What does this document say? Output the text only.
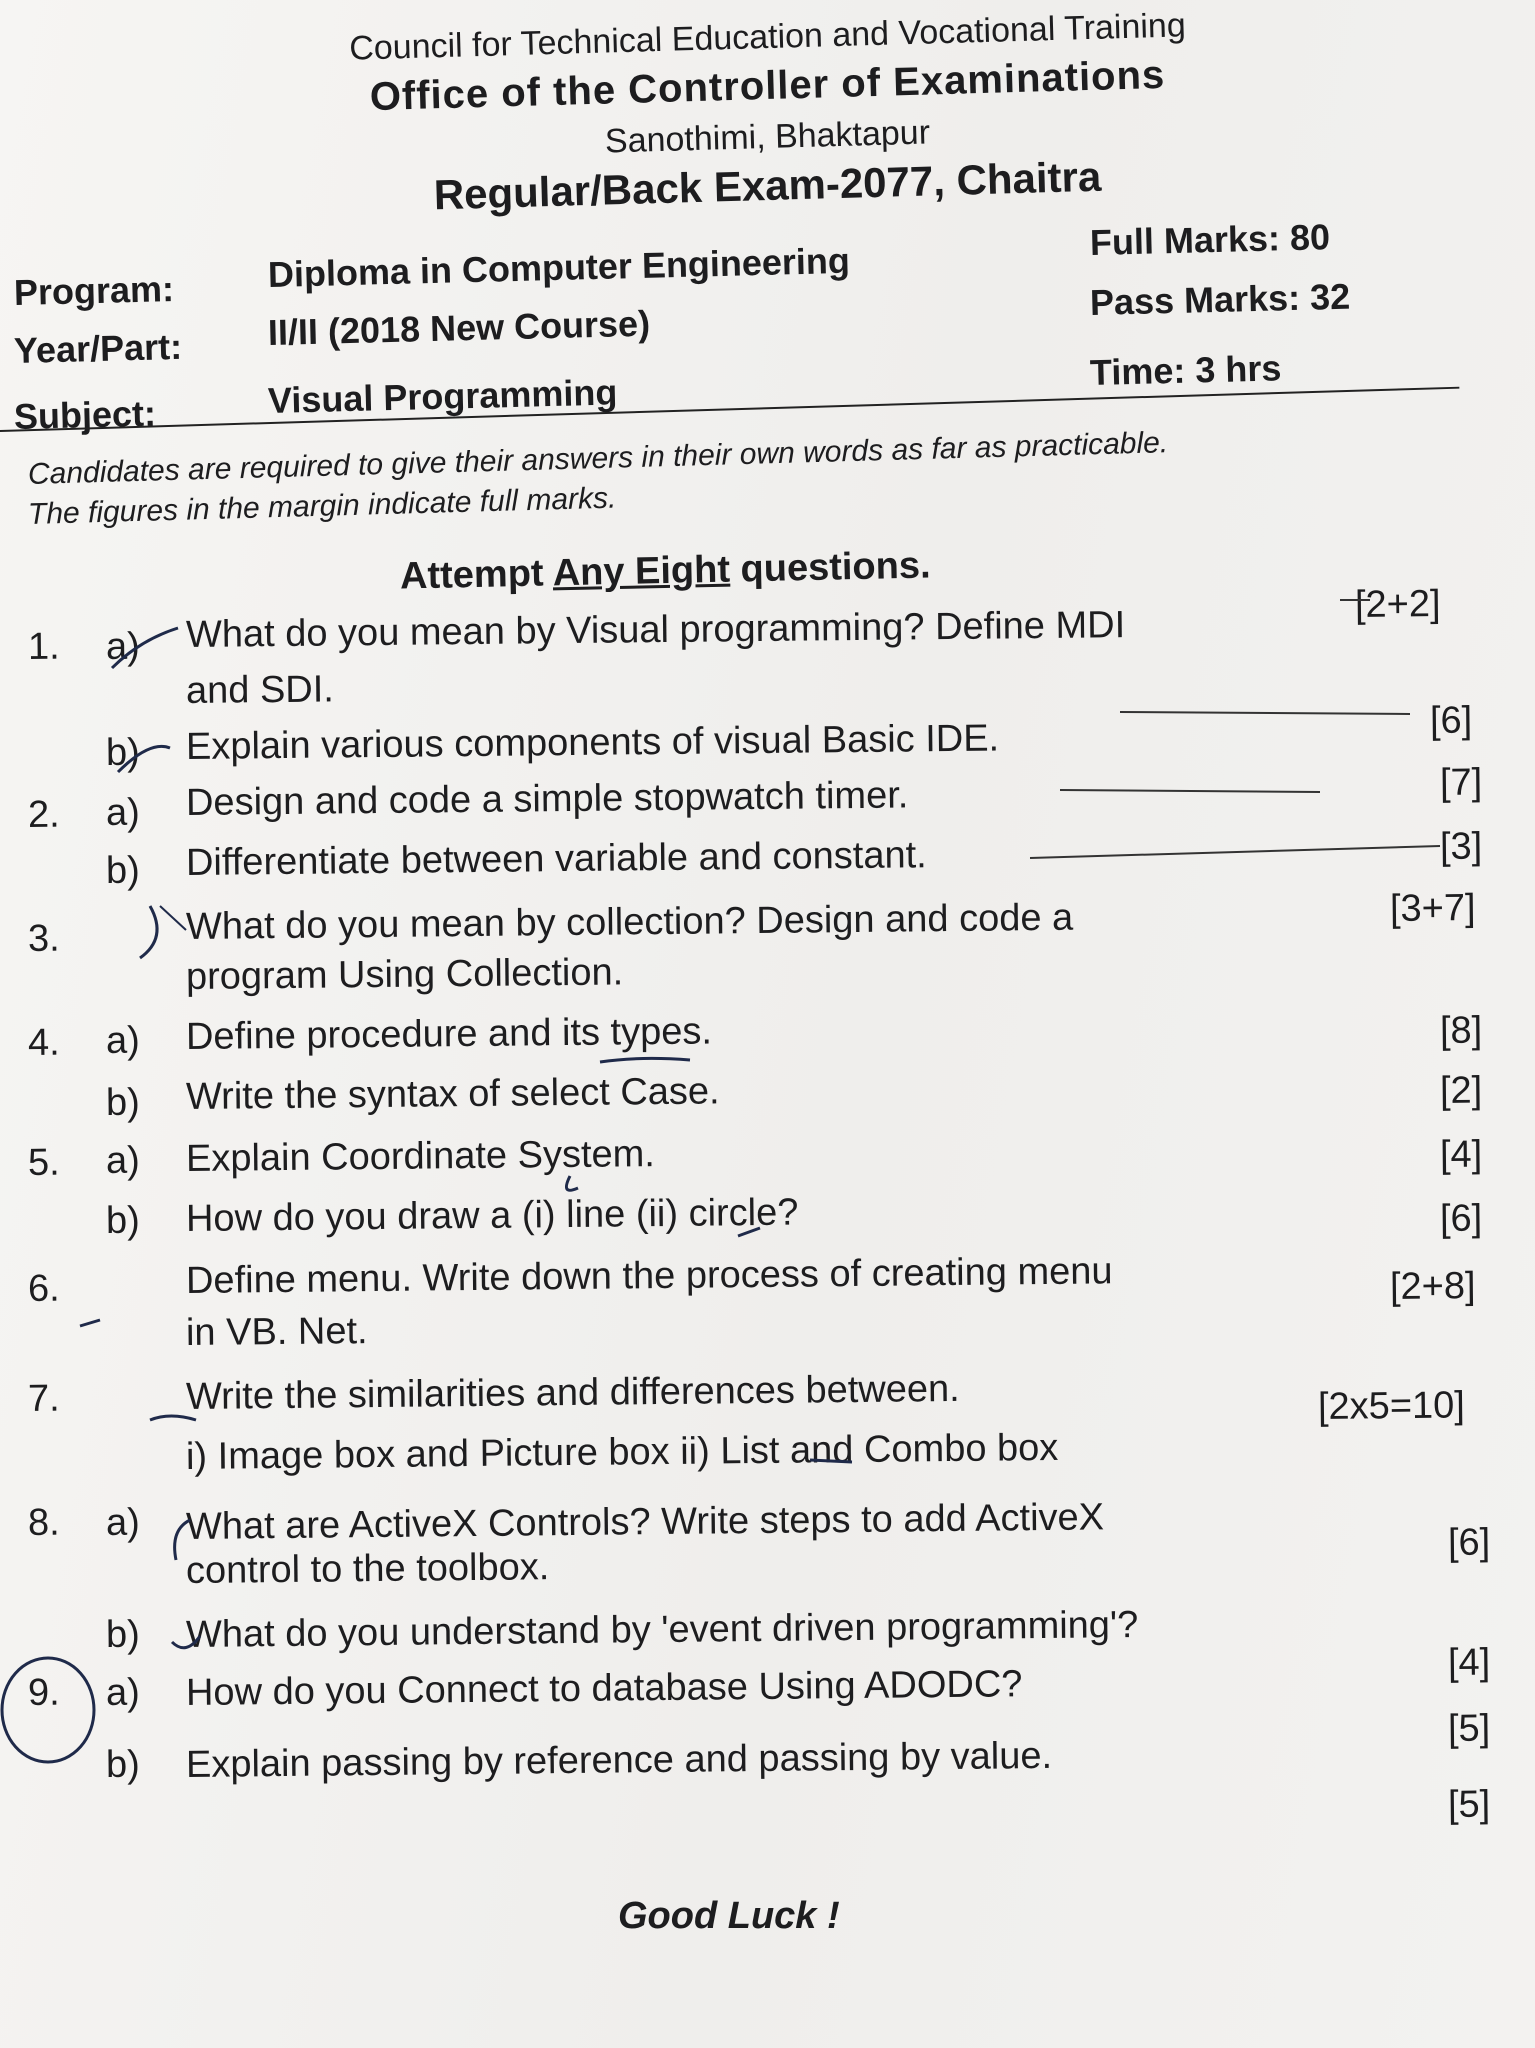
Council for Technical Education and Vocational Training
Office of the Controller of Examinations
Sanothimi, Bhaktapur
Regular/Back Exam-2077, Chaitra
Program:	Diploma in Computer Engineering
Full Marks: 80
Year/Part: II/II (2018 New Course)
Pass Marks: 32
Subject:	Visual Programming
Time: 3 hrs
Candidates are required to give their answers in their own words as far as practicable.
The figures in the margin indicate full marks.
Attempt Any Eight questions.
1. a) What do you mean by Visual programming? Define MDI
and SDI.
[2+2]
b) Explain various components of visual Basic IDE.	[6]
2. a) Design and code a simple stopwatch timer.	[7]
b) Differentiate between variable and constant.	[3]
3.	What do you mean by collection? Design and code a
program Using Collection.
[3+7]
4. a) Define procedure and its types.	[8]
b) Write the syntax of select Case.	[2]
5. a) Explain Coordinate System.	[4]
b) How do you draw a (i) line (ii) circle?	[6]
6.	Define menu. Write down the process of creating menu
in VB. Net.
[2+8]
7.	Write the similarities and differences between.
i) Image box and Picture box ii) List and Combo box
[2x5=10]
8. a) What are ActiveX Controls? Write steps to add ActiveX
control to the toolbox.
[6]
b) What do you understand by 'event driven programming'?
[4]
9. a) How do you Connect to database Using ADODC?
[5]
b) Explain passing by reference and passing by value.
[5]
Good Luck !
